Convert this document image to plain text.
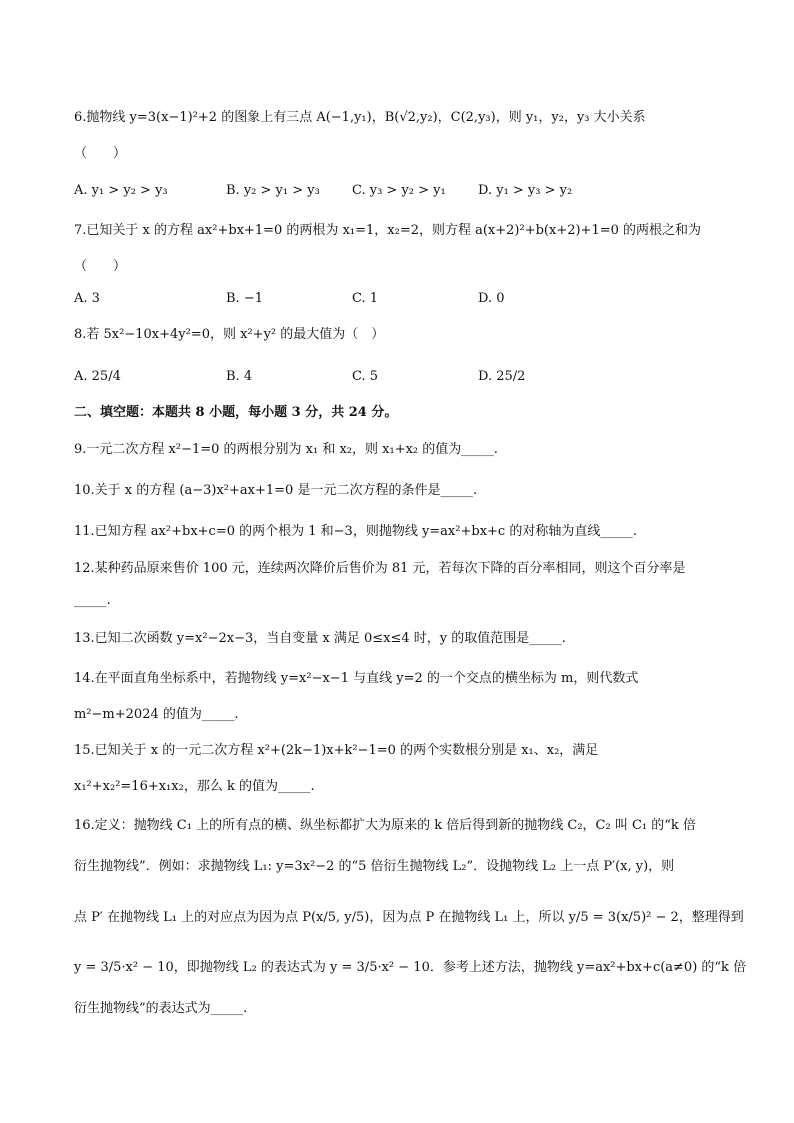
6.抛物线 y=3(x−1)²+2 的图象上有三点 A(−1,y₁)，B(√2,y₂)，C(2,y₃)，则 y₁，y₂，y₃ 大小关系
（　　）
A. y₁ > y₂ > y₃	B. y₂ > y₁ > y₃ C. y₃ > y₂ > y₁ D. y₁ > y₃ > y₂
7.已知关于 x 的方程 ax²+bx+1=0 的两根为 x₁=1，x₂=2，则方程 a(x+2)²+b(x+2)+1=0 的两根之和为
（　　）
A. 3	B. −1	C. 1	D. 0
8.若 5x²−10x+4y²=0，则 x²+y² 的最大值为（　）
A. 25/4	B. 4	C. 5	D. 25/2
二、填空题：本题共 8 小题，每小题 3 分，共 24 分。
9.一元二次方程 x²−1=0 的两根分别为 x₁ 和 x₂，则 x₁+x₂ 的值为_____.
10.关于 x 的方程 (a−3)x²+ax+1=0 是一元二次方程的条件是_____.
11.已知方程 ax²+bx+c=0 的两个根为 1 和−3，则抛物线 y=ax²+bx+c 的对称轴为直线_____.
12.某种药品原来售价 100 元，连续两次降价后售价为 81 元，若每次下降的百分率相同，则这个百分率是
_____.
13.已知二次函数 y=x²−2x−3，当自变量 x 满足 0≤x≤4 时，y 的取值范围是_____.
14.在平面直角坐标系中，若抛物线 y=x²−x−1 与直线 y=2 的一个交点的横坐标为 m，则代数式
m²−m+2024 的值为_____.
15.已知关于 x 的一元二次方程 x²+(2k−1)x+k²−1=0 的两个实数根分别是 x₁、x₂，满足
x₁²+x₂²=16+x₁x₂，那么 k 的值为_____.
16.定义：抛物线 C₁ 上的所有点的横、纵坐标都扩大为原来的 k 倍后得到新的抛物线 C₂，C₂ 叫 C₁ 的“k 倍
衍生抛物线”．例如：求抛物线 L₁: y=3x²−2 的“5 倍衍生抛物线 L₂”．设抛物线 L₂ 上一点 P′(x, y)，则
点 P′ 在抛物线 L₁ 上的对应点为因为点 P(x/5, y/5)，因为点 P 在抛物线 L₁ 上，所以 y/5 = 3(x/5)² − 2，整理得到
y = 3/5·x² − 10，即抛物线 L₂ 的表达式为 y = 3/5·x² − 10．参考上述方法，抛物线 y=ax²+bx+c(a≠0) 的“k 倍
衍生抛物线”的表达式为_____.
